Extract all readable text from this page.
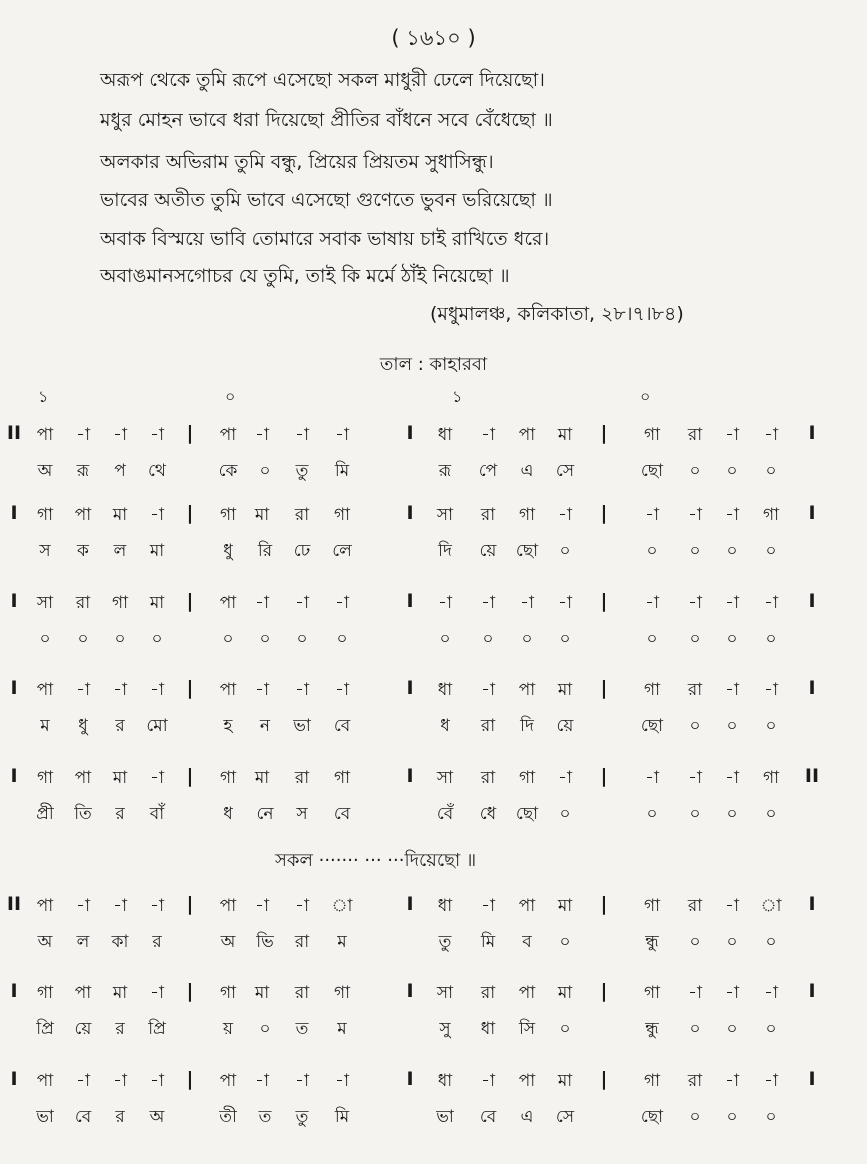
( ১৬১০ )
অরূপ থেকে তুমি রূপে এসেছো সকল মাধুরী ঢেলে দিয়েছো।
মধুর মোহন ভাবে ধরা দিয়েছো প্রীতির বাঁধনে সবে বেঁধেছো ॥
অলকার অভিরাম তুমি বন্ধু, প্রিয়ের প্রিয়তম সুধাসিন্ধু।
ভাবের অতীত তুমি ভাবে এসেছো গুণেতে ভুবন ভরিয়েছো ॥
অবাক বিস্ময়ে ভাবি তোমারে সবাক ভাষায় চাই রাখিতে ধরে।
অবাঙমানসগোচর যে তুমি, তাই কি মর্মে ঠাঁই নিয়েছো ॥
(মধুমালঞ্চ, কলিকাতা, ২৮।৭।৮৪)
তাল : কাহারবা
১	০	১	০
II পা -া -া -া | পা -া -া -া	I ধা -া পা মা | গা রা -া -া I
অ রূ প থে	কে ০ তু মি	রূ পে এ সে	ছো ০ ০ ০
I গা পা মা -া | গা মা রা গা	I সা রা গা -া | -া -া -া গা I
স ক ল মা	ধু রি ঢে লে	দি য়ে ছো ০	০ ০ ০ ০
I সা রা গা মা | পা -া -া -া	I -া -া -া -া | -া -া -া -া I
০ ০ ০ ০	০ ০ ০ ০	০ ০ ০ ০	০ ০ ০ ০
I পা -া -া -া | পা -া -া -া	I ধা -া পা মা | গা রা -া -া I
ম ধু র মো	হ ন ভা বে	ধ রা দি য়ে	ছো ০ ০ ০
I গা পা মা -া | গা মা রা গা	I সা রা গা -া | -া -া -া গা II
প্রী তি র বাঁ	ধ নে স বে	বেঁ ধে ছো ০	০ ০ ০ ০
II পা -া -া -া | পা -া -া া	I ধা -া পা মা | গা রা -া া I
অ ল কা র	অ ভি রা ম	তু মি ব ০	ন্ধু ০ ০ ০
I গা পা মা -া | গা মা রা গা	I সা রা পা মা | গা -া -া -া I
প্রি য়ে র প্রি	য় ০ ত ম	সু ধা সি ০	ন্ধু ০ ০ ০
I পা -া -া -া | পা -া -া -া	I ধা -া পা মা | গা রা -া -া I
ভা বে র অ	তী ত তু মি	ভা বে এ সে	ছো ০ ০ ০
সকল ······· ··· ···দিয়েছো ॥
